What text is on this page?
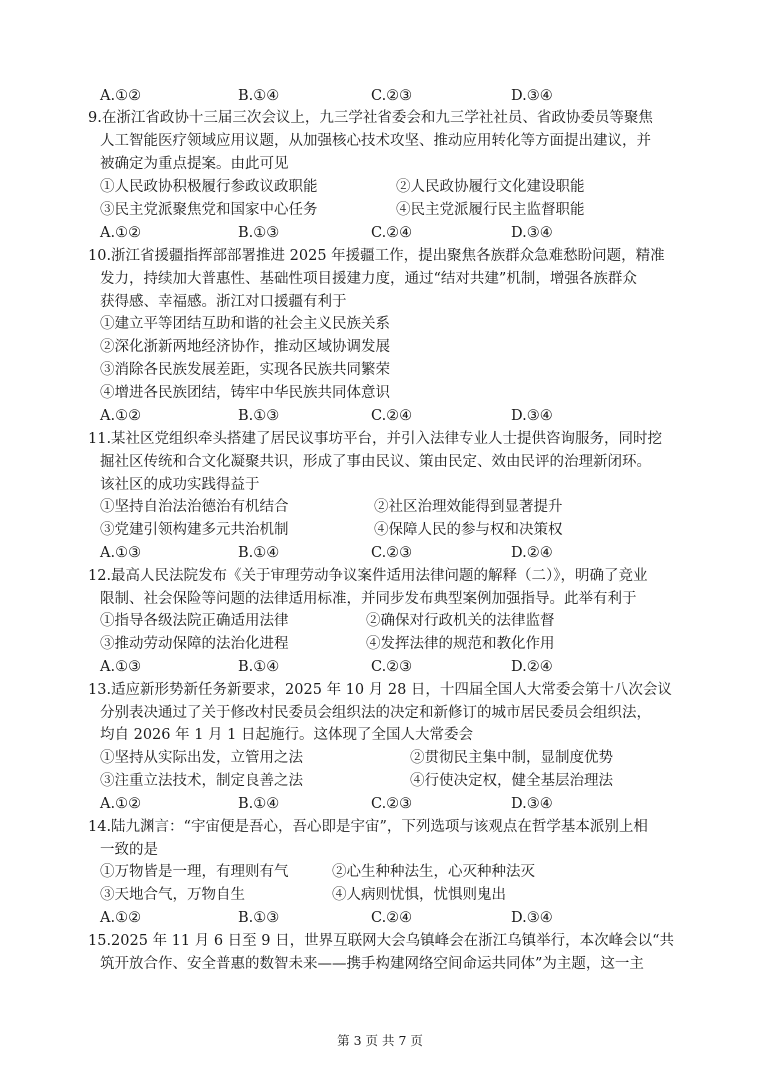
A.①②	B.①④	C.②③	D.③④
9.在浙江省政协十三届三次会议上，九三学社省委会和九三学社社员、省政协委员等聚焦
人工智能医疗领域应用议题，从加强核心技术攻坚、推动应用转化等方面提出建议，并
被确定为重点提案。由此可见
①人民政协积极履行参政议政职能	②人民政协履行文化建设职能
③民主党派聚焦党和国家中心任务	④民主党派履行民主监督职能
A.①②	B.①③	C.②④	D.③④
10.浙江省援疆指挥部部署推进 2025 年援疆工作，提出聚焦各族群众急难愁盼问题，精准
发力，持续加大普惠性、基础性项目援建力度，通过“结对共建”机制，增强各族群众
获得感、幸福感。浙江对口援疆有利于
①建立平等团结互助和谐的社会主义民族关系
②深化浙新两地经济协作，推动区域协调发展
③消除各民族发展差距，实现各民族共同繁荣
④增进各民族团结，铸牢中华民族共同体意识
A.①②	B.①③	C.②④	D.③④
11.某社区党组织牵头搭建了居民议事坊平台，并引入法律专业人士提供咨询服务，同时挖
掘社区传统和合文化凝聚共识，形成了事由民议、策由民定、效由民评的治理新闭环。
该社区的成功实践得益于
①坚持自治法治德治有机结合	②社区治理效能得到显著提升
③党建引领构建多元共治机制	④保障人民的参与权和决策权
A.①③	B.①④	C.②③	D.②④
12.最高人民法院发布《关于审理劳动争议案件适用法律问题的解释（二）》，明确了竞业
限制、社会保险等问题的法律适用标准，并同步发布典型案例加强指导。此举有利于
①指导各级法院正确适用法律	②确保对行政机关的法律监督
③推动劳动保障的法治化进程	④发挥法律的规范和教化作用
A.①③	B.①④	C.②③	D.②④
13.适应新形势新任务新要求，2025 年 10 月 28 日，十四届全国人大常委会第十八次会议
分别表决通过了关于修改村民委员会组织法的决定和新修订的城市居民委员会组织法，
均自 2026 年 1 月 1 日起施行。这体现了全国人大常委会
①坚持从实际出发，立管用之法	②贯彻民主集中制，显制度优势
③注重立法技术，制定良善之法	④行使决定权，健全基层治理法
A.①②	B.①④	C.②③	D.③④
14.陆九渊言：“宇宙便是吾心，吾心即是宇宙”，下列选项与该观点在哲学基本派别上相
一致的是
①万物皆是一理，有理则有气	②心生种种法生，心灭种种法灭
③天地合气，万物自生	④人病则忧惧，忧惧则鬼出
A.①②	B.①③	C.②④	D.③④
15.2025 年 11 月 6 日至 9 日，世界互联网大会乌镇峰会在浙江乌镇举行，本次峰会以“共
筑开放合作、安全普惠的数智未来——携手构建网络空间命运共同体”为主题，这一主
第 3 页 共 7 页
